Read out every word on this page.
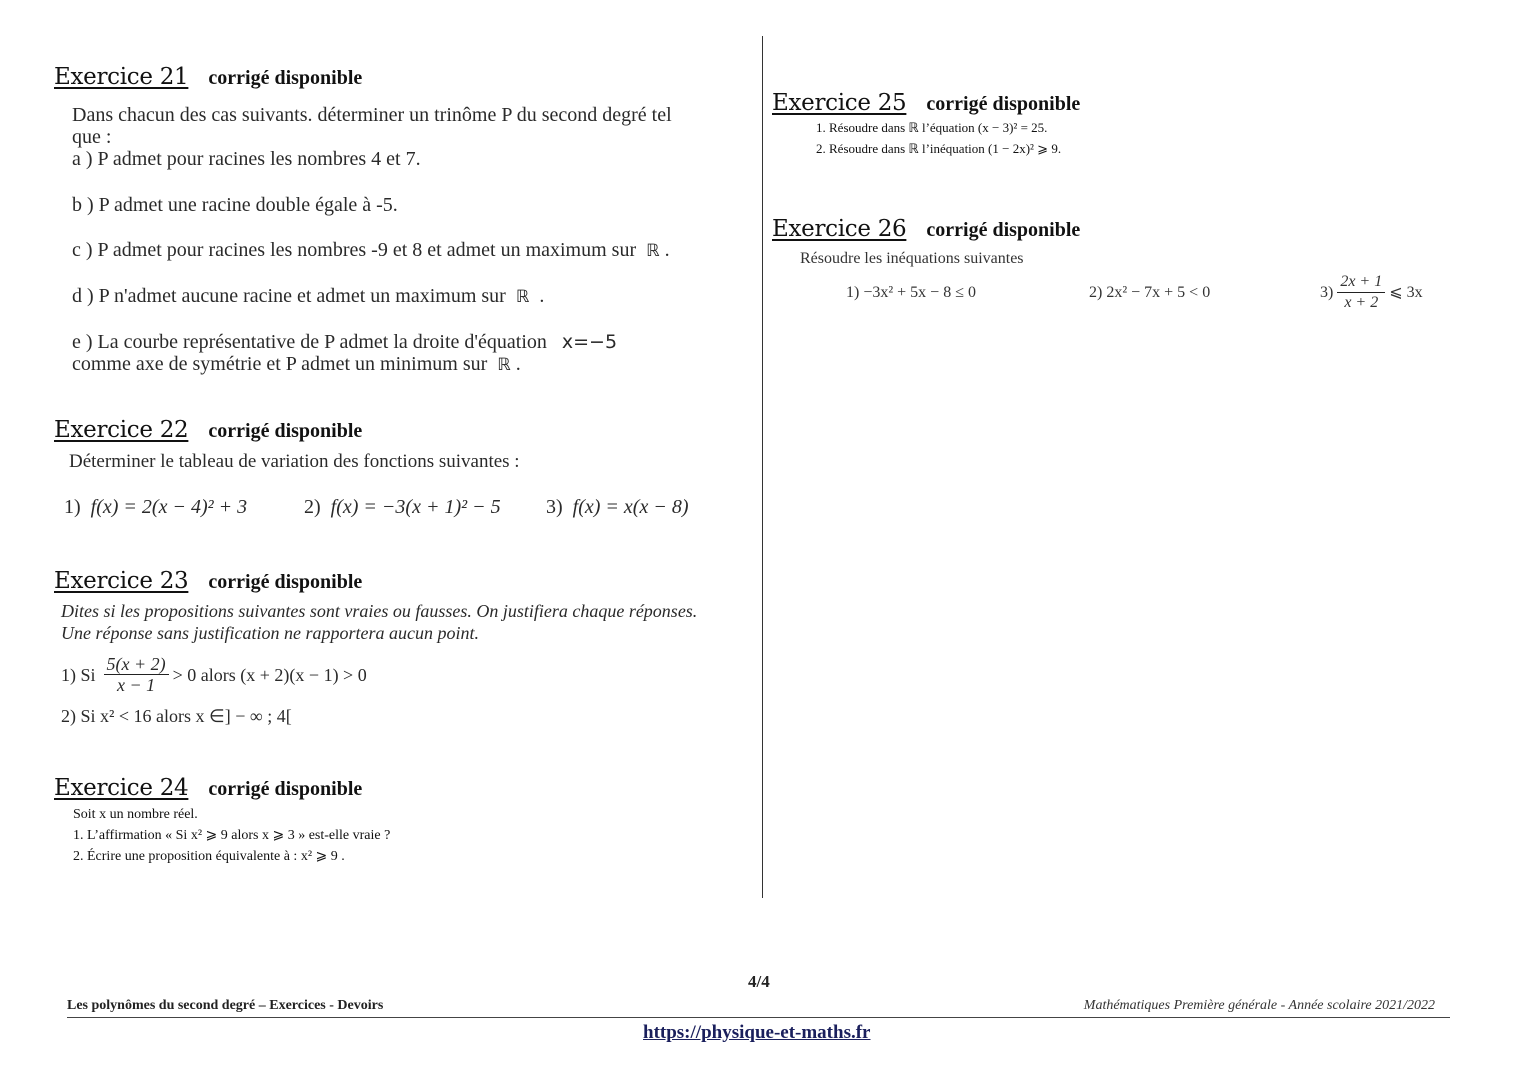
Exercice 21 corrigé disponible
Dans chacun des cas suivants. déterminer un trinôme P du second degré tel
que :
a ) P admet pour racines les nombres 4 et 7.
b ) P admet une racine double égale à -5.
c ) P admet pour racines les nombres -9 et 8 et admet un maximum sur ℝ .
d ) P n'admet aucune racine et admet un maximum sur ℝ .
e ) La courbe représentative de P admet la droite d'équation x=−5
comme axe de symétrie et P admet un minimum sur ℝ .
Exercice 22 corrigé disponible
Déterminer le tableau de variation des fonctions suivantes :
1) f(x) = 2(x − 4)² + 3	2) f(x) = −3(x + 1)² − 5	3) f(x) = x(x − 8)
Exercice 23 corrigé disponible
Dites si les propositions suivantes sont vraies ou fausses. On justifiera chaque réponses.
Une réponse sans justification ne rapportera aucun point.
1) Si $\frac{5(x + 2)}{x - 1} > 0$ alors (x + 2)(x − 1) > 0
2) Si x² < 16 alors x ∈] − ∞ ; 4[
Exercice 24 corrigé disponible
Soit x un nombre réel.
1. L’affirmation « Si x² ⩾ 9 alors x ⩾ 3 » est-elle vraie ?
2. Écrire une proposition équivalente à : x² ⩾ 9 .
Exercice 25 corrigé disponible
1. Résoudre dans ℝ l’équation (x − 3)² = 25.
2. Résoudre dans ℝ l’inéquation (1 − 2x)² ⩾ 9.
Exercice 26 corrigé disponible
Résoudre les inéquations suivantes
1) −3x² + 5x − 8 ≤ 0	2) 2x² − 7x + 5 < 0	$3) \frac{2x + 1}{x + 2}$ ⩽ 3x
4/4
Les polynômes du second degré – Exercices - Devoirs	Mathématiques Première générale - Année scolaire 2021/2022
https://physique-et-maths.fr
